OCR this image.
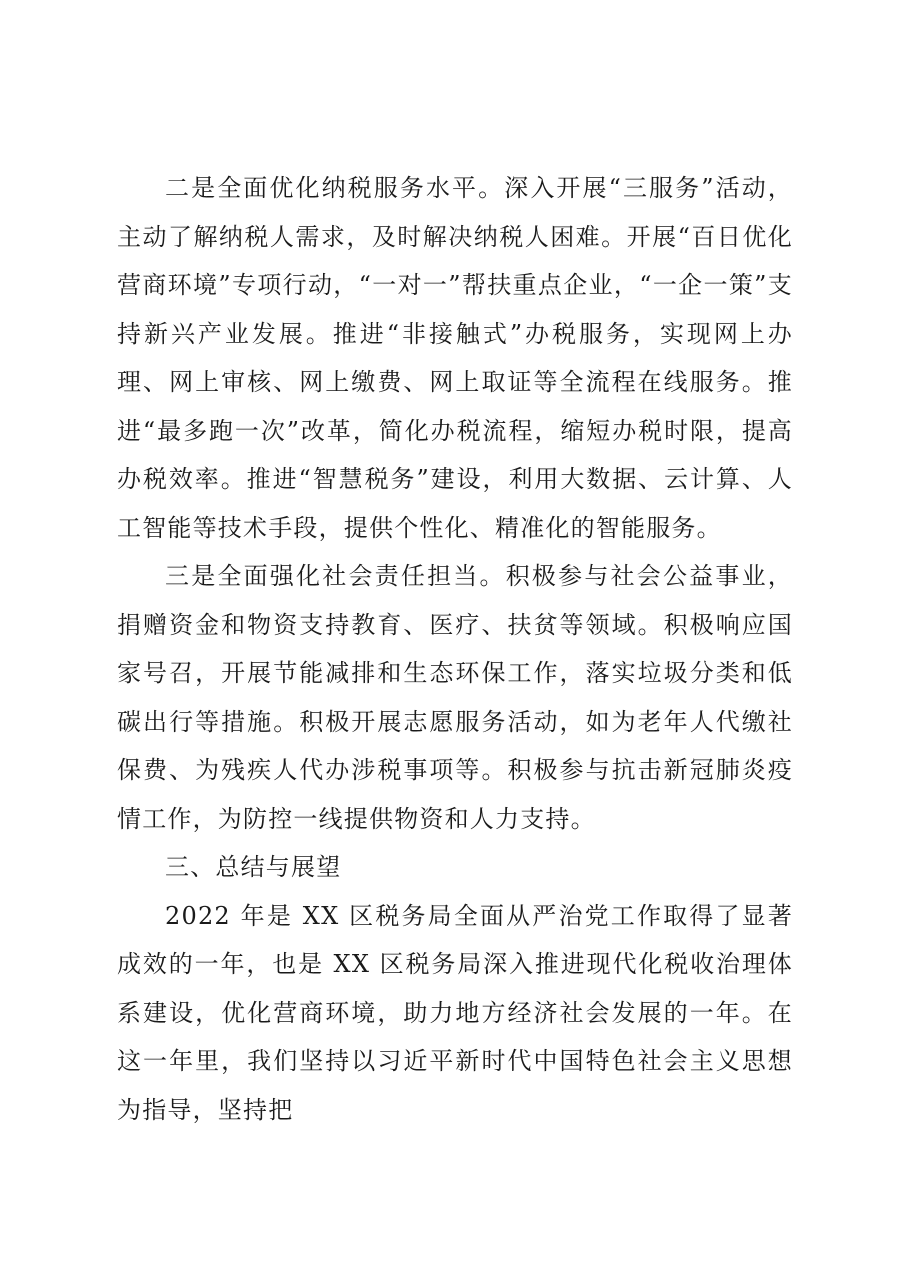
二是全面优化纳税服务水平。深入开展“三服务”活动，主动了解纳税人需求，及时解决纳税人困难。开展“百日优化营商环境”专项行动，“一对一”帮扶重点企业，“一企一策”支持新兴产业发展。推进“非接触式”办税服务，实现网上办理、网上审核、网上缴费、网上取证等全流程在线服务。推进“最多跑一次”改革，简化办税流程，缩短办税时限，提高办税效率。推进“智慧税务”建设，利用大数据、云计算、人工智能等技术手段，提供个性化、精准化的智能服务。

三是全面强化社会责任担当。积极参与社会公益事业，捐赠资金和物资支持教育、医疗、扶贫等领域。积极响应国家号召，开展节能减排和生态环保工作，落实垃圾分类和低碳出行等措施。积极开展志愿服务活动，如为老年人代缴社保费、为残疾人代办涉税事项等。积极参与抗击新冠肺炎疫情工作，为防控一线提供物资和人力支持。

三、总结与展望

2022 年是 XX 区税务局全面从严治党工作取得了显著成效的一年，也是 XX 区税务局深入推进现代化税收治理体系建设，优化营商环境，助力地方经济社会发展的一年。在这一年里，我们坚持以习近平新时代中国特色社会主义思想为指导，坚持把
